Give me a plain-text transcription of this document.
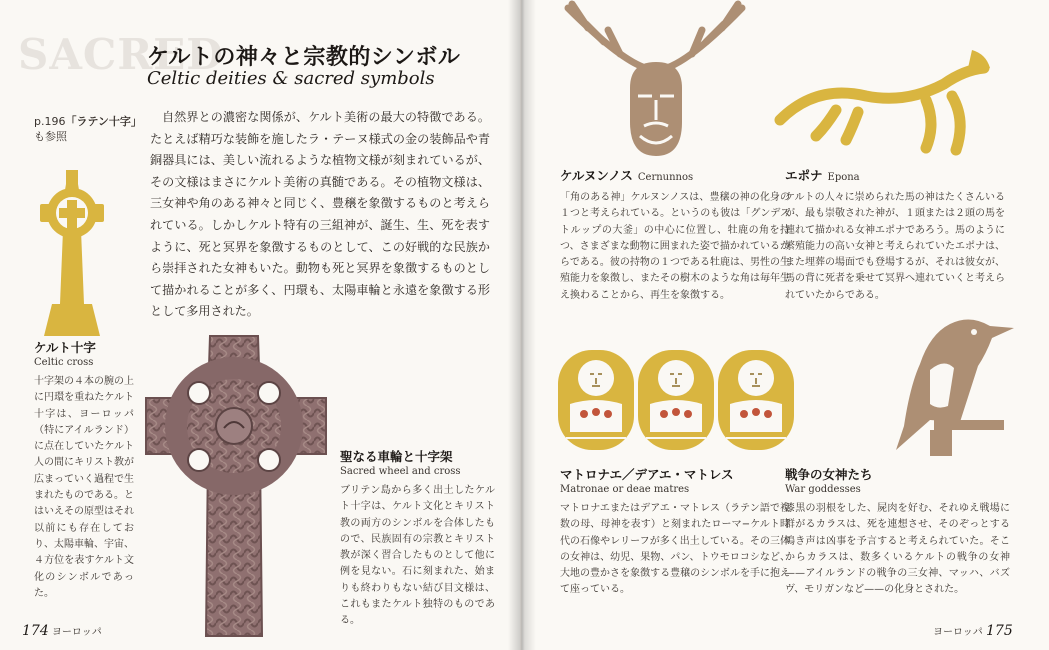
SACRED
ケルトの神々と宗教的シンボル
Celtic deities & sacred symbols
p.196「ラテン十字」
も参照
自然界との濃密な関係が、ケルト美術の最大の特徴である。たとえば精巧な装飾を施したラ・テーヌ様式の金の装飾品や青銅器具には、美しい流れるような植物文様が刻まれているが、その文様はまさにケルト美術の真髄である。その植物文様は、三女神や角のある神々と同じく、豊穣を象徴するものと考えられている。しかしケルト特有の三組神が、誕生、生、死を表すように、死と冥界を象徴するものとして、この好戦的な民族から崇拝された女神もいた。動物も死と冥界を象徴するものとして描かれることが多く、円環も、太陽車輪と永遠を象徴する形として多用された。
ケルト十字
Celtic cross
十字架の４本の腕の上に円環を重ねたケルト十字は、ヨーロッパ（特にアイルランド）に点在していたケルト人の間にキリスト教が広まっていく過程で生まれたものである。とはいえその原型はそれ以前にも存在しており、太陽車輪、宇宙、４方位を表すケルト文化のシンボルであった。
聖なる車輪と十字架
Sacred wheel and cross
ブリテン島から多く出土したケルト十字は、ケルト文化とキリスト教の両方のシンボルを合体したもので、民族固有の宗教とキリスト教が深く習合したものとして他に例を見ない。石に刻まれた、始まりも終わりもない結び目文様は、これもまたケルト独特のものである。
174 ヨーロッパ
ケルヌンノス Cernunnos
「角のある神」ケルヌンノスは、豊穣の神の化身の１つと考えられている。というのも彼は「グンデストルップの大釜」の中心に位置し、牡鹿の角を持つ、さまざまな動物に囲まれた姿で描かれているからである。彼の持物の１つである牡鹿は、男性の生殖能力を象徴し、またその樹木のような角は毎年生え換わることから、再生を象徴する。
エポナ Epona
ケルトの人々に崇められた馬の神はたくさんいるが、最も崇敬された神が、１頭または２頭の馬を連れて描かれる女神エポナであろう。馬のように繁殖能力の高い女神と考えられていたエポナは、また埋葬の場面でも登場するが、それは彼女が、馬の背に死者を乗せて冥界へ連れていくと考えられていたからである。
マトロナエ／デアエ・マトレス
Matronae or deae matres
マトロナエまたはデアエ・マトレス（ラテン語で複数の母、母神を表す）と刻まれたローマ−ケルト時代の石像やレリーフが多く出土している。その三体の女神は、幼児、果物、パン、トウモロコシなど、大地の豊かさを象徴する豊穣のシンボルを手に抱えて座っている。
戦争の女神たち
War goddesses
漆黒の羽根をした、屍肉を好む、それゆえ戦場に群がるカラスは、死を連想させ、そのぞっとする鳴き声は凶事を予言すると考えられていた。そこからカラスは、数多くいるケルトの戦争の女神——アイルランドの戦争の三女神、マッハ、バズヴ、モリガンなど——の化身とされた。
ヨーロッパ 175
